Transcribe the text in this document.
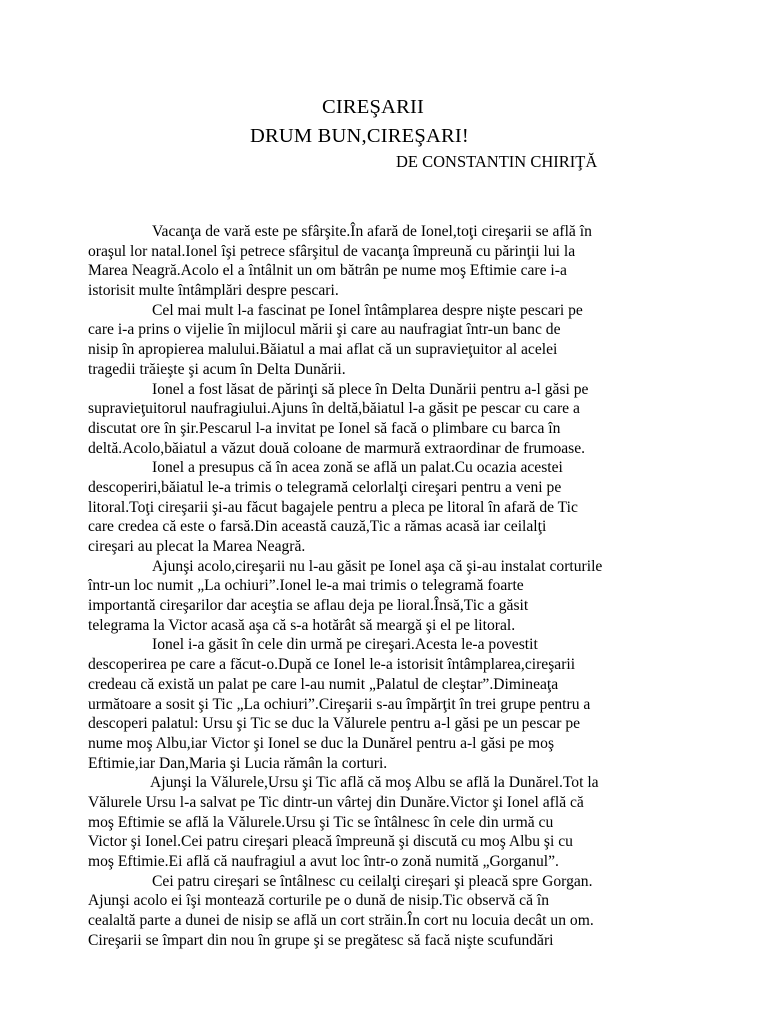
CIREŞARII
DRUM BUN,CIREŞARI!
DE CONSTANTIN CHIRIŢĂ
Vacanţa de vară este pe sfârşite.În afară de Ionel,toţi cireşarii se află în
oraşul lor natal.Ionel îşi petrece sfârşitul de vacanţa împreună cu părinţii lui la
Marea Neagră.Acolo el a întâlnit un om bătrân pe nume moş Eftimie care i-a
istorisit multe întâmplări despre pescari.
Cel mai mult l-a fascinat pe Ionel întâmplarea despre nişte pescari pe
care i-a prins o vijelie în mijlocul mării şi care au naufragiat într-un banc de
nisip în apropierea malului.Băiatul a mai aflat că un supravieţuitor al acelei
tragedii trăieşte şi acum în Delta Dunării.
Ionel a fost lăsat de părinţi să plece în Delta Dunării pentru a-l găsi pe
supravieţuitorul naufragiului.Ajuns în deltă,băiatul l-a găsit pe pescar cu care a
discutat ore în şir.Pescarul l-a invitat pe Ionel să facă o plimbare cu barca în
deltă.Acolo,băiatul a văzut două coloane de marmură extraordinar de frumoase.
Ionel a presupus că în acea zonă se află un palat.Cu ocazia acestei
descoperiri,băiatul le-a trimis o telegramă celorlalţi cireşari pentru a veni pe
litoral.Toţi cireşarii şi-au făcut bagajele pentru a pleca pe litoral în afară de Tic
care credea că este o farsă.Din această cauză,Tic a rămas acasă iar ceilalţi
cireşari au plecat la Marea Neagră.
Ajunşi acolo,cireşarii nu l-au găsit pe Ionel aşa că şi-au instalat corturile
într-un loc numit „La ochiuri”.Ionel le-a mai trimis o telegramă foarte
importantă cireşarilor dar aceştia se aflau deja pe lioral.Însă,Tic a găsit
telegrama la Victor acasă aşa că s-a hotărât să meargă şi el pe litoral.
Ionel i-a găsit în cele din urmă pe cireşari.Acesta le-a povestit
descoperirea pe care a făcut-o.După ce Ionel le-a istorisit întâmplarea,cireşarii
credeau că există un palat pe care l-au numit „Palatul de cleştar”.Dimineaţa
următoare a sosit şi Tic „La ochiuri”.Cireşarii s-au împărţit în trei grupe pentru a
descoperi palatul: Ursu şi Tic se duc la Vălurele pentru a-l găsi pe un pescar pe
nume moş Albu,iar Victor şi Ionel se duc la Dunărel pentru a-l găsi pe moş
Eftimie,iar Dan,Maria şi Lucia rămân la corturi.
Ajunşi la Vălurele,Ursu şi Tic află că moş Albu se află la Dunărel.Tot la
Vălurele Ursu l-a salvat pe Tic dintr-un vârtej din Dunăre.Victor şi Ionel află că
moş Eftimie se află la Vălurele.Ursu şi Tic se întâlnesc în cele din urmă cu
Victor şi Ionel.Cei patru cireşari pleacă împreună şi discută cu moş Albu şi cu
moş Eftimie.Ei află că naufragiul a avut loc într-o zonă numită „Gorganul”.
Cei patru cireşari se întâlnesc cu ceilalţi cireşari şi pleacă spre Gorgan.
Ajunşi acolo ei îşi montează corturile pe o dună de nisip.Tic observă că în
cealaltă parte a dunei de nisip se află un cort străin.În cort nu locuia decât un om.
Cireşarii se împart din nou în grupe şi se pregătesc să facă nişte scufundări
